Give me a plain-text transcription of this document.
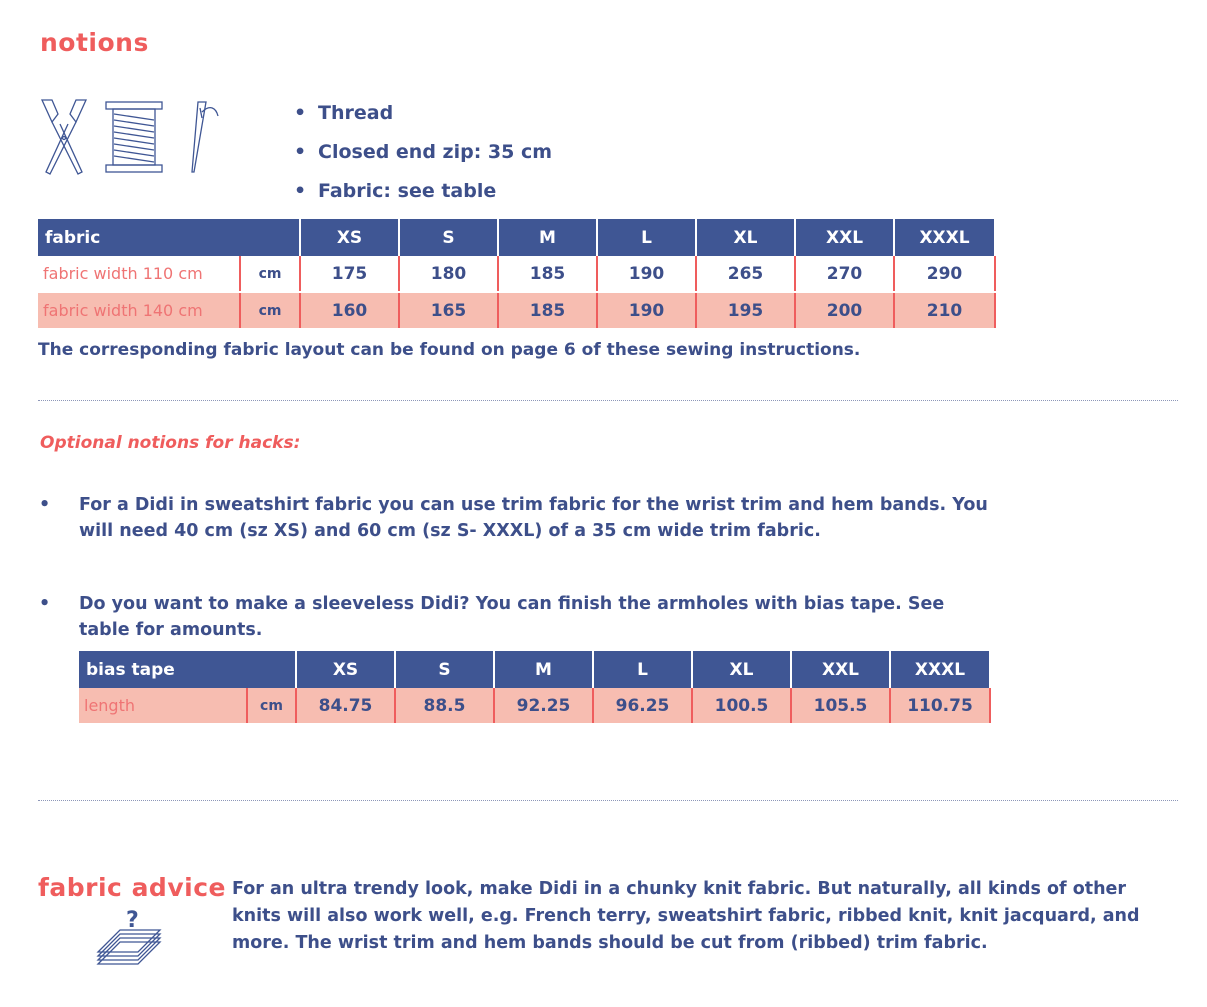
notions
• Thread
• Closed end zip: 35 cm
• Fabric: see table
fabric		XS	S	M	L	XL	XXL	XXXL
fabric width 110 cm	cm	175	180	185	190	265	270	290
fabric width 140 cm	cm	160	165	185	190	195	200	210
The corresponding fabric layout can be found on page 6 of these sewing instructions.
Optional notions for hacks:
• For a Didi in sweatshirt fabric you can use trim fabric for the wrist trim and hem bands. You will need 40 cm (sz XS) and 60 cm (sz S- XXXL) of a 35 cm wide trim fabric.
• Do you want to make a sleeveless Didi? You can finish the armholes with bias tape. See table for amounts.
bias tape		XS	S	M	L	XL	XXL	XXXL
length	cm	84.75	88.5	92.25	96.25	100.5	105.5	110.75
fabric advice
?
For an ultra trendy look, make Didi in a chunky knit fabric. But naturally, all kinds of other knits will also work well, e.g. French terry, sweatshirt fabric, ribbed knit, knit jacquard, and more. The wrist trim and hem bands should be cut from (ribbed) trim fabric.
